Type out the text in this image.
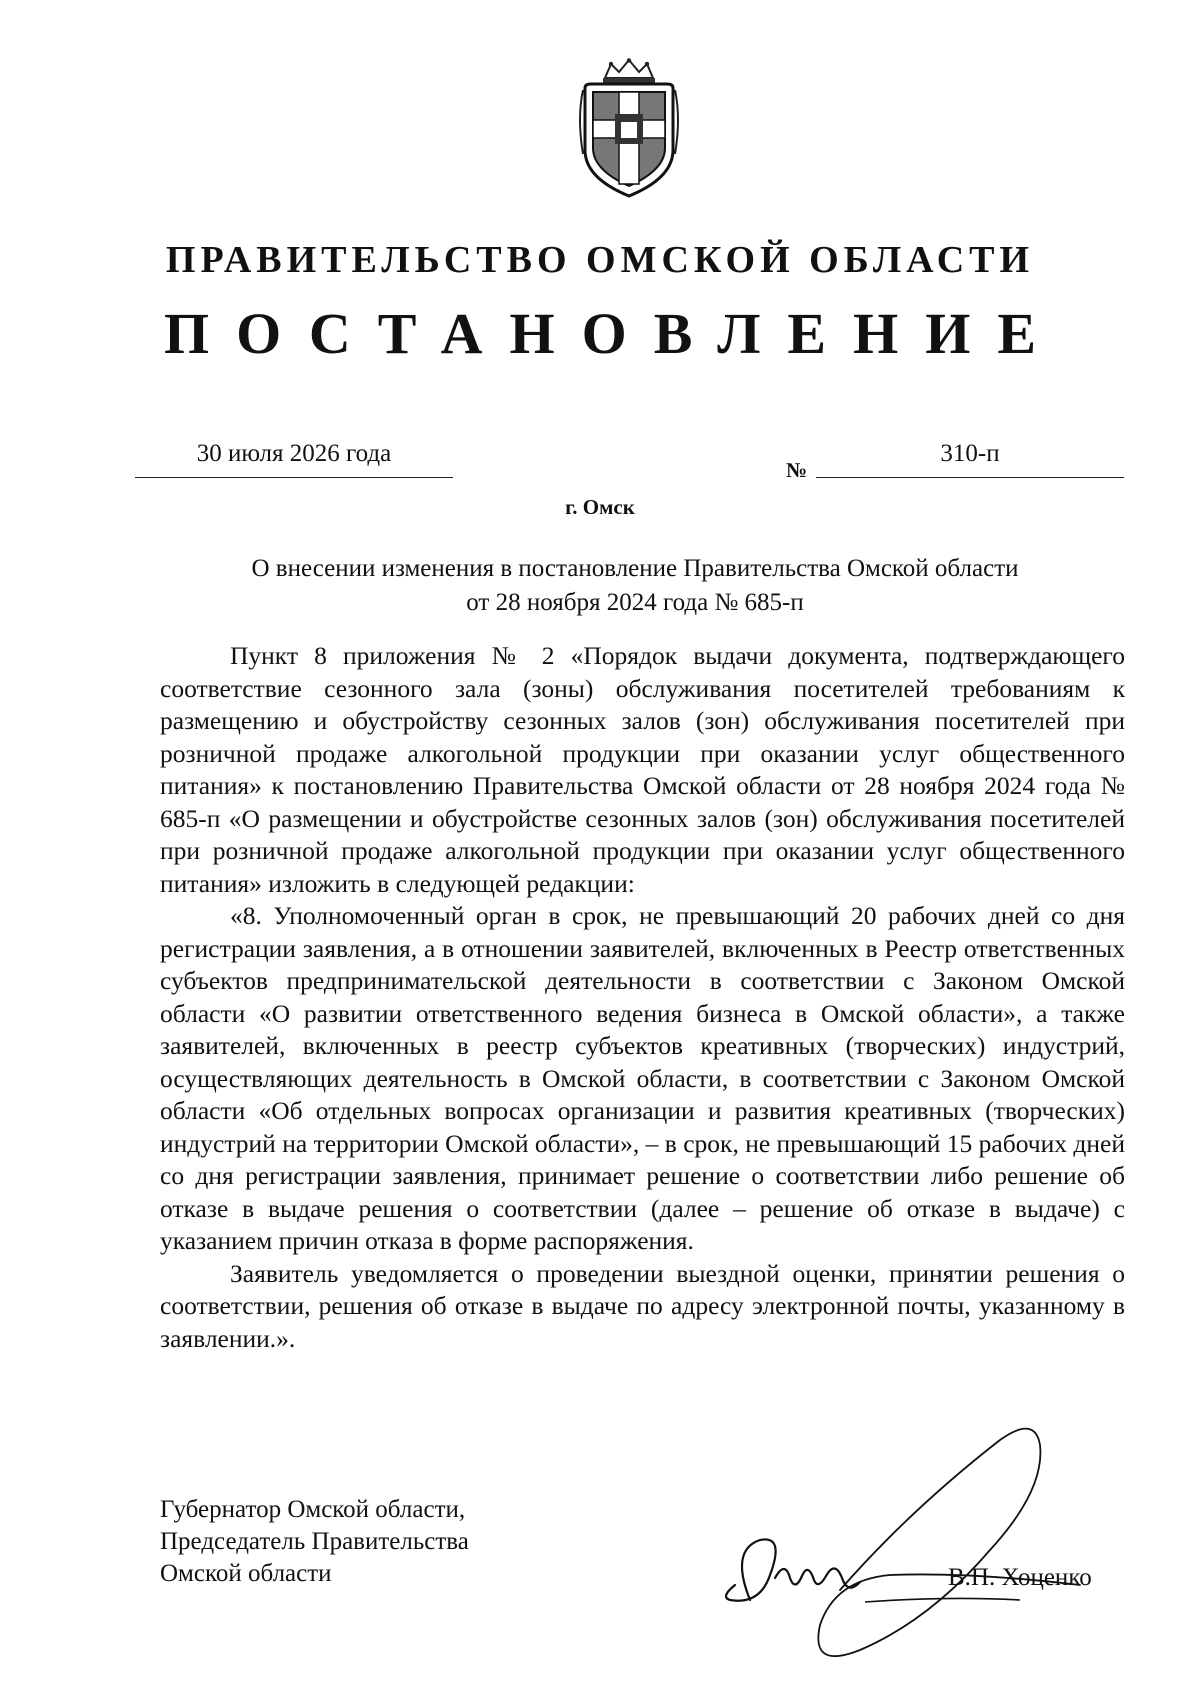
ПРАВИТЕЛЬСТВО ОМСКОЙ ОБЛАСТИ
ПОСТАНОВЛЕНИЕ
30 июля 2026 года
№
310-п
г. Омск
О внесении изменения в постановление Правительства Омской области
от 28 ноября 2024 года № 685-п

Пункт 8 приложения № 2 «Порядок выдачи документа, подтверждающего соответствие сезонного зала (зоны) обслуживания посетителей требованиям к размещению и обустройству сезонных залов (зон) обслуживания посетителей при розничной продаже алкогольной продукции при оказании услуг общественного питания» к постановлению Правительства Омской области от 28 ноября 2024 года № 685-п «О размещении и обустройстве сезонных залов (зон) обслуживания посетителей при розничной продаже алкогольной продукции при оказании услуг общественного питания» изложить в следующей редакции:

«8. Уполномоченный орган в срок, не превышающий 20 рабочих дней со дня регистрации заявления, а в отношении заявителей, включенных в Реестр ответственных субъектов предпринимательской деятельности в соответствии с Законом Омской области «О развитии ответственного ведения бизнеса в Омской области», а также заявителей, включенных в реестр субъектов креативных (творческих) индустрий, осуществляющих деятельность в Омской области, в соответствии с Законом Омской области «Об отдельных вопросах организации и развития креативных (творческих) индустрий на территории Омской области», – в срок, не превышающий 15 рабочих дней со дня регистрации заявления, принимает решение о соответствии либо решение об отказе в выдаче решения о соответствии (далее – решение об отказе в выдаче) с указанием причин отказа в форме распоряжения.

Заявитель уведомляется о проведении выездной оценки, принятии решения о соответствии, решения об отказе в выдаче по адресу электронной почты, указанному в заявлении.».

Губернатор Омской области,
Председатель Правительства
Омской области	В.П. Хоценко
